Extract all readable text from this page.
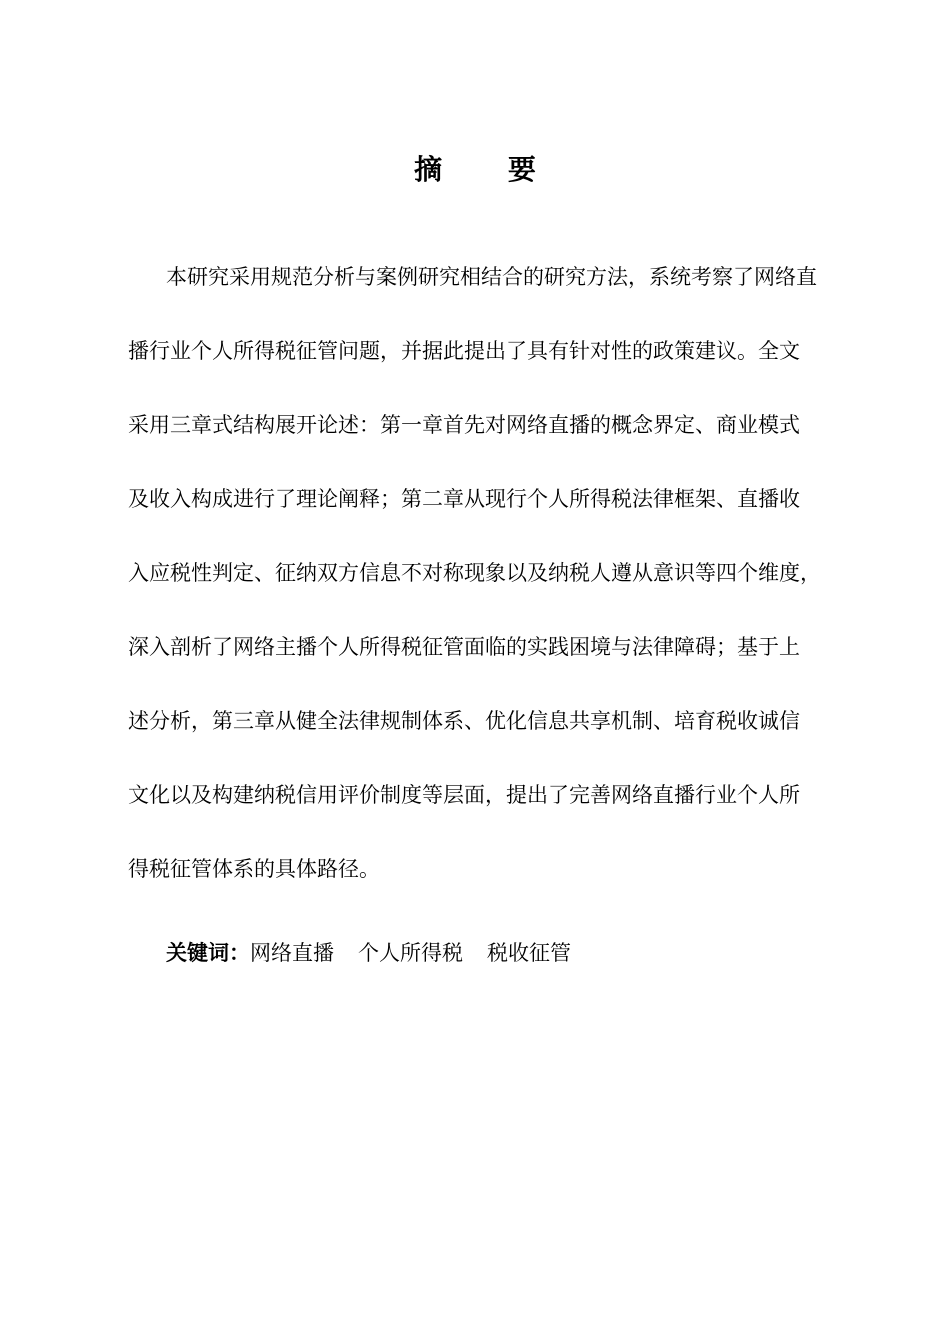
摘 要
本研究采用规范分析与案例研究相结合的研究方法，系统考察了网络直
播行业个人所得税征管问题，并据此提出了具有针对性的政策建议。全文
采用三章式结构展开论述：第一章首先对网络直播的概念界定、商业模式
及收入构成进行了理论阐释；第二章从现行个人所得税法律框架、直播收
入应税性判定、征纳双方信息不对称现象以及纳税人遵从意识等四个维度，
深入剖析了网络主播个人所得税征管面临的实践困境与法律障碍；基于上
述分析，第三章从健全法律规制体系、优化信息共享机制、培育税收诚信
文化以及构建纳税信用评价制度等层面，提出了完善网络直播行业个人所
得税征管体系的具体路径。
关键词：网络直播 个人所得税 税收征管
